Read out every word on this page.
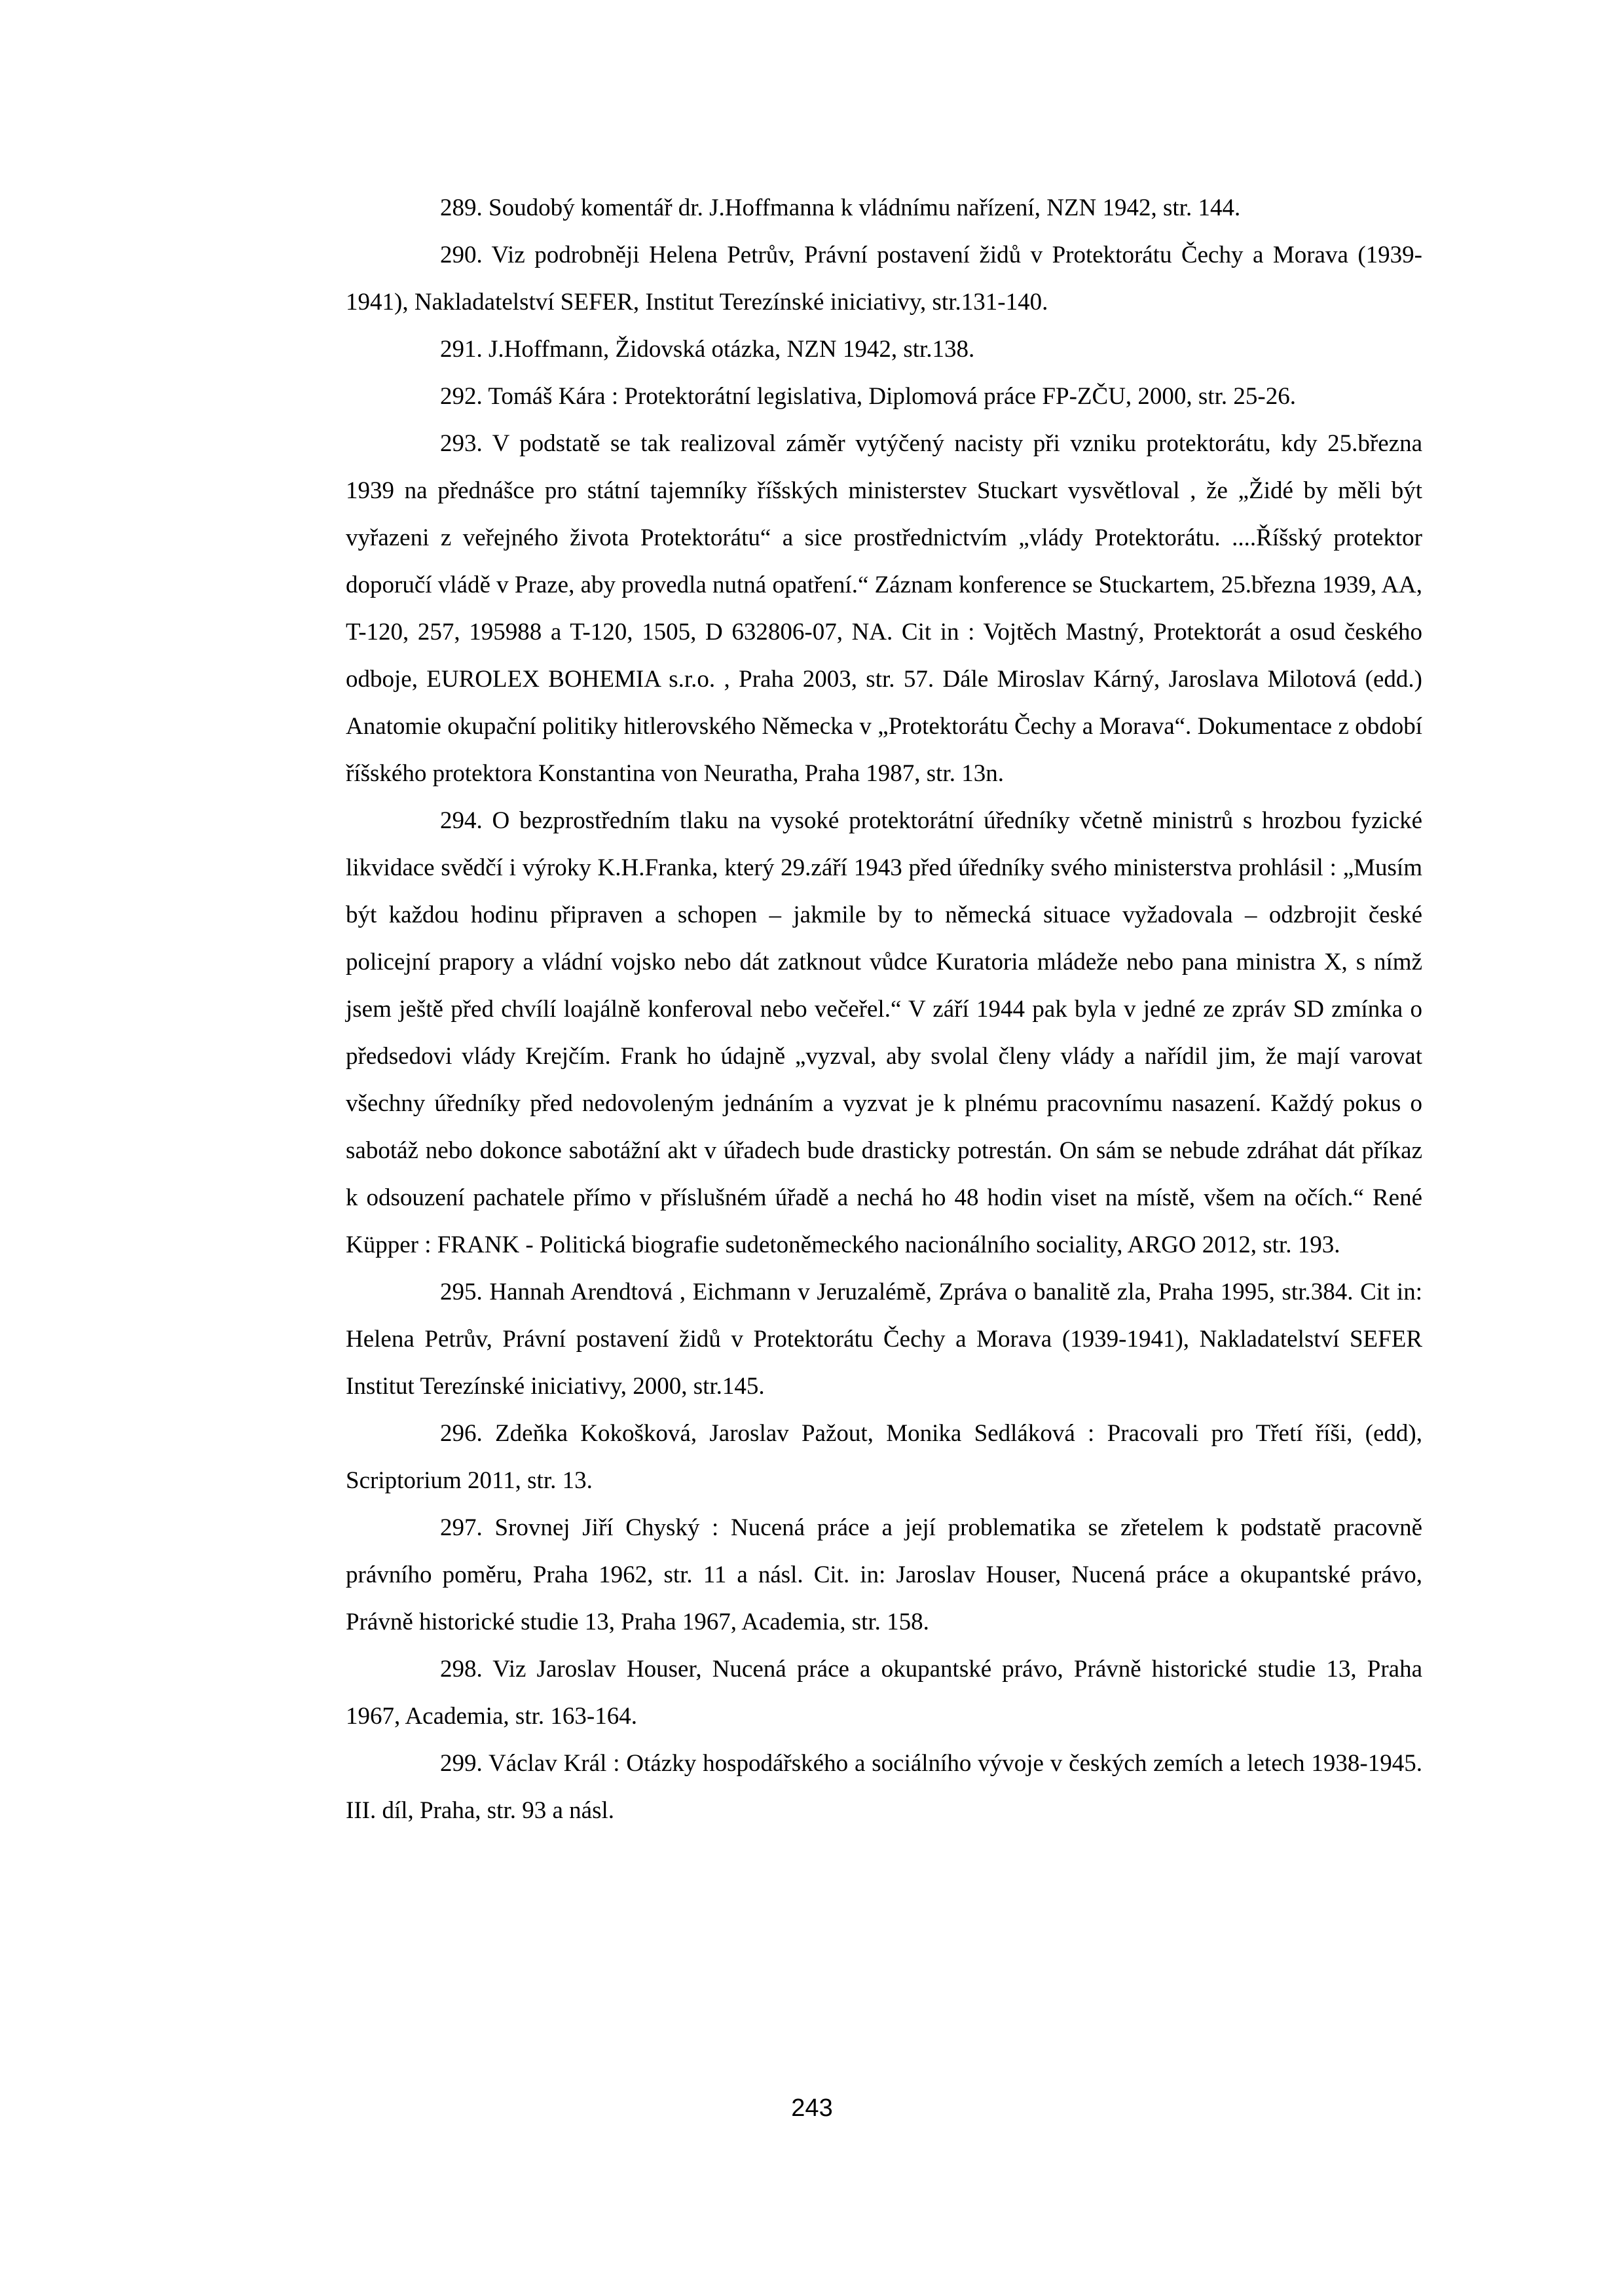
289. Soudobý komentář dr. J.Hoffmanna k vládnímu nařízení, NZN 1942, str. 144.

290. Viz podrobněji Helena Petrův, Právní postavení židů v Protektorátu Čechy a Morava (1939-1941), Nakladatelství SEFER, Institut Terezínské iniciativy, str.131-140.

291. J.Hoffmann, Židovská otázka, NZN 1942, str.138.

292. Tomáš Kára : Protektorátní legislativa, Diplomová práce FP-ZČU, 2000, str. 25-26.

293. V podstatě se tak realizoval záměr vytýčený nacisty při vzniku protektorátu, kdy 25.března 1939 na přednášce pro státní tajemníky říšských ministerstev Stuckart vysvětloval , že „Židé by měli být vyřazeni z veřejného života Protektorátu“ a sice prostřednictvím „vlády Protektorátu. ....Říšský protektor doporučí vládě v Praze, aby provedla nutná opatření.“ Záznam konference se Stuckartem, 25.března 1939, AA, T-120, 257, 195988 a T-120, 1505, D 632806-07, NA. Cit in : Vojtěch Mastný, Protektorát a osud českého odboje, EUROLEX BOHEMIA s.r.o. , Praha 2003, str. 57. Dále Miroslav Kárný, Jaroslava Milotová (edd.) Anatomie okupační politiky hitlerovského Německa v „Protektorátu Čechy a Morava“. Dokumentace z období říšského protektora Konstantina von Neuratha, Praha 1987, str. 13n.

294. O bezprostředním tlaku na vysoké protektorátní úředníky včetně ministrů s hrozbou fyzické likvidace svědčí i výroky K.H.Franka, který 29.září 1943 před úředníky svého ministerstva prohlásil : „Musím být každou hodinu připraven a schopen – jakmile by to německá situace vyžadovala – odzbrojit české policejní prapory a vládní vojsko nebo dát zatknout vůdce Kuratoria mládeže nebo pana ministra X, s nímž jsem ještě před chvílí loajálně konferoval nebo večeřel.“ V září 1944 pak byla v jedné ze zpráv SD zmínka o předsedovi vlády Krejčím. Frank ho údajně „vyzval, aby svolal členy vlády a nařídil jim, že mají varovat všechny úředníky před nedovoleným jednáním a vyzvat je k plnému pracovnímu nasazení. Každý pokus o sabotáž nebo dokonce sabotážní akt v úřadech bude drasticky potrestán. On sám se nebude zdráhat dát příkaz k odsouzení pachatele přímo v příslušném úřadě a nechá ho 48 hodin viset na místě, všem na očích.“ René Küpper : FRANK - Politická biografie sudetoněmeckého nacionálního sociality, ARGO 2012, str. 193.

295. Hannah Arendtová , Eichmann v Jeruzalémě, Zpráva o banalitě zla, Praha 1995, str.384. Cit in: Helena Petrův, Právní postavení židů v Protektorátu Čechy a Morava (1939-1941), Nakladatelství SEFER Institut Terezínské iniciativy, 2000, str.145.

296. Zdeňka Kokošková, Jaroslav Pažout, Monika Sedláková : Pracovali pro Třetí říši, (edd), Scriptorium 2011, str. 13.

297. Srovnej Jiří Chyský : Nucená práce a její problematika se zřetelem k podstatě pracovně právního poměru, Praha 1962, str. 11 a násl. Cit. in: Jaroslav Houser, Nucená práce a okupantské právo, Právně historické studie 13, Praha 1967, Academia, str. 158.

298. Viz Jaroslav Houser, Nucená práce a okupantské právo, Právně historické studie 13, Praha 1967, Academia, str. 163-164.

299. Václav Král : Otázky hospodářského a sociálního vývoje v českých zemích a letech 1938-1945. III. díl, Praha, str. 93 a násl.

243
